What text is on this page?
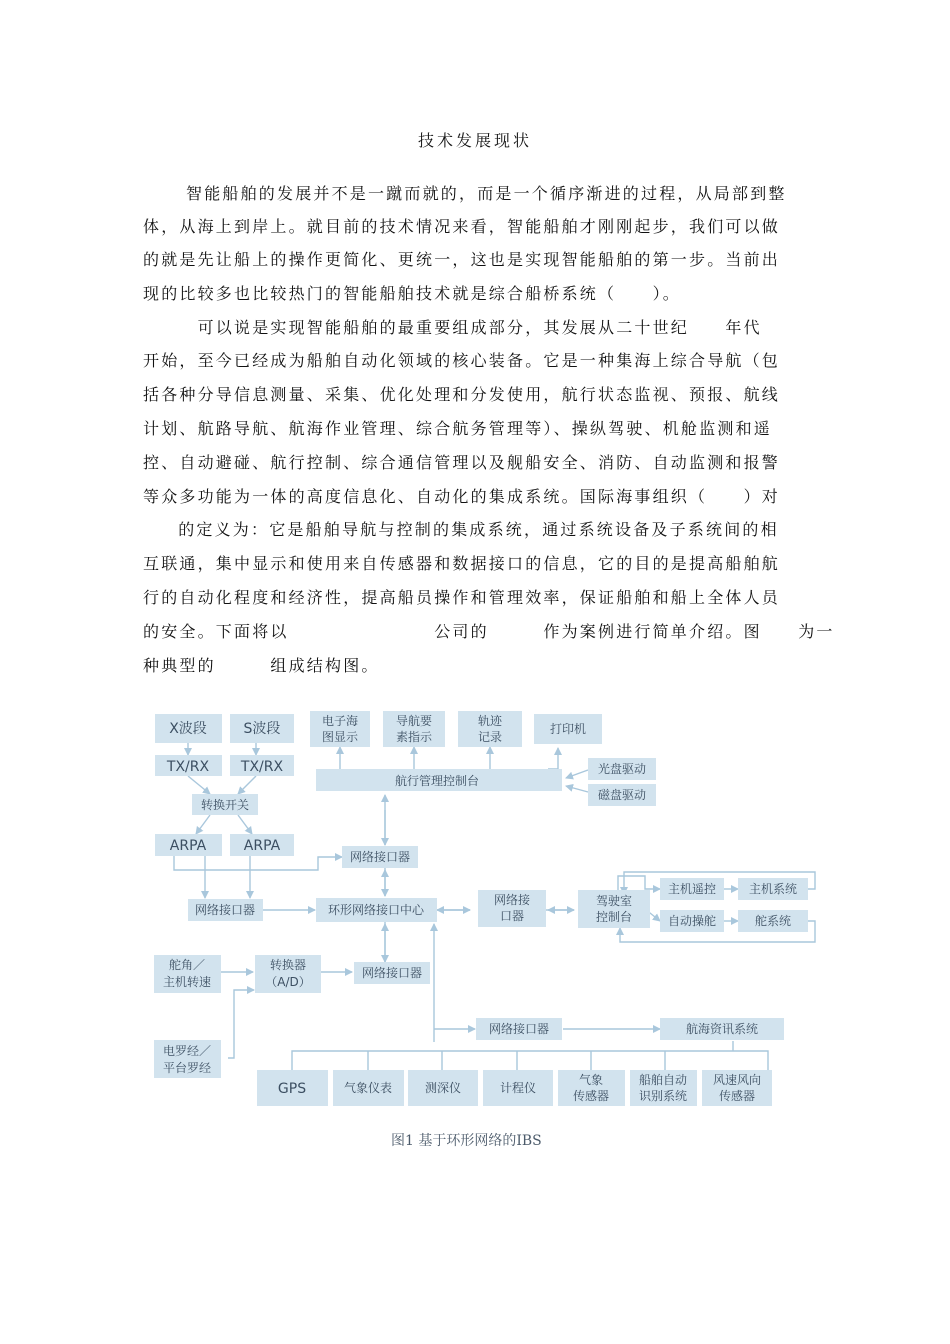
技术发展现状
智能船舶的发展并不是一蹴而就的，而是一个循序渐进的过程，从局部到整
体，从海上到岸上。就目前的技术情况来看，智能船舶才刚刚起步，我们可以做
的就是先让船上的操作更简化、更统一，这也是实现智能船舶的第一步。当前出
现的比较多也比较热门的智能船舶技术就是综合船桥系统（　　）。
　　　可以说是实现智能船舶的最重要组成部分，其发展从二十世纪　　年代
开始，至今已经成为船舶自动化领域的核心装备。它是一种集海上综合导航（包
括各种分导信息测量、采集、优化处理和分发使用，航行状态监视、预报、航线
计划、航路导航、航海作业管理、综合航务管理等）、操纵驾驶、机舱监测和遥
控、自动避碰、航行控制、综合通信管理以及舰船安全、消防、自动监测和报警
等众多功能为一体的高度信息化、自动化的集成系统。国际海事组织（　　）对
　的定义为：它是船舶导航与控制的集成系统，通过系统设备及子系统间的相
互联通，集中显示和使用来自传感器和数据接口的信息，它的目的是提高船舶航
行的自动化程度和经济性，提高船员操作和管理效率，保证船舶和船上全体人员
的安全。下面将以　　　　　　　　公司的　　　作为案例进行简单介绍。图　　为一
种典型的　　　组成结构图。
X波段	S波段
TX/RX TX/RX
转换开关
ARPA	ARPA
电子海
图显示
导航要
素指示
轨迹
记录
打印机
航行管理控制台
光盘驱动
磁盘驱动
网络接口器
网络接口器	环形网络接口中心
网络接
口器
驾驶室
控制台
主机遥控	主机系统
自动操舵	舵系统
舵角／
主机转速
转换器
（A/D）
网络接口器
电罗经／
平台罗经
网络接口器	航海资讯系统
GPS	气象仪表	测深仪	计程仪
气象
传感器
船舶自动
识别系统
风速风向
传感器
图1 基于环形网络的IBS
